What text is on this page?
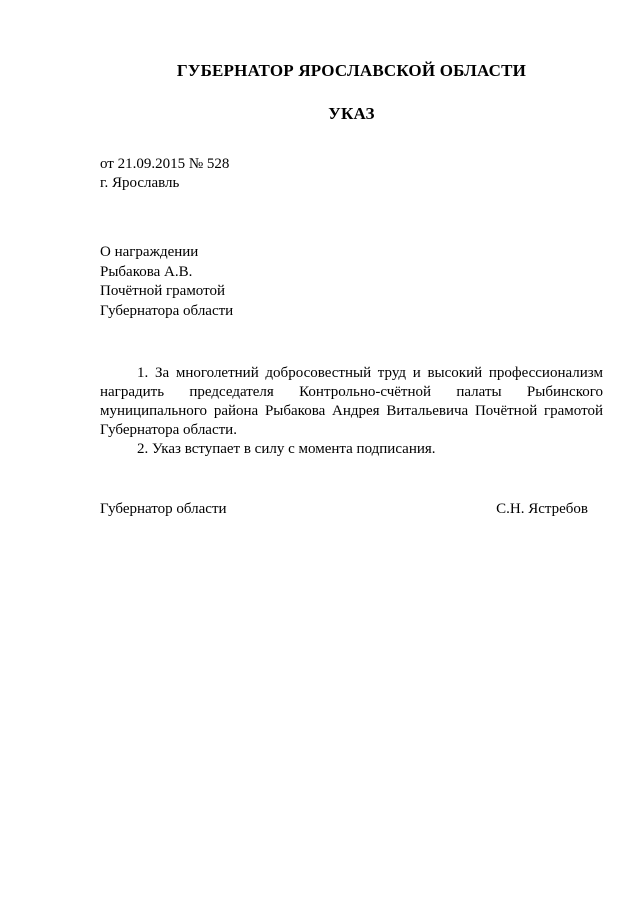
ГУБЕРНАТОР ЯРОСЛАВСКОЙ ОБЛАСТИ
УКАЗ
от 21.09.2015 № 528
г. Ярославль
О награждении
Рыбакова А.В.
Почётной грамотой
Губернатора области

1. За многолетний добросовестный труд и высокий профессионализм наградить председателя Контрольно-счётной палаты Рыбинского муниципального района Рыбакова Андрея Витальевича Почётной грамотой Губернатора области.

2. Указ вступает в силу с момента подписания.

Губернатор области	С.Н. Ястребов
